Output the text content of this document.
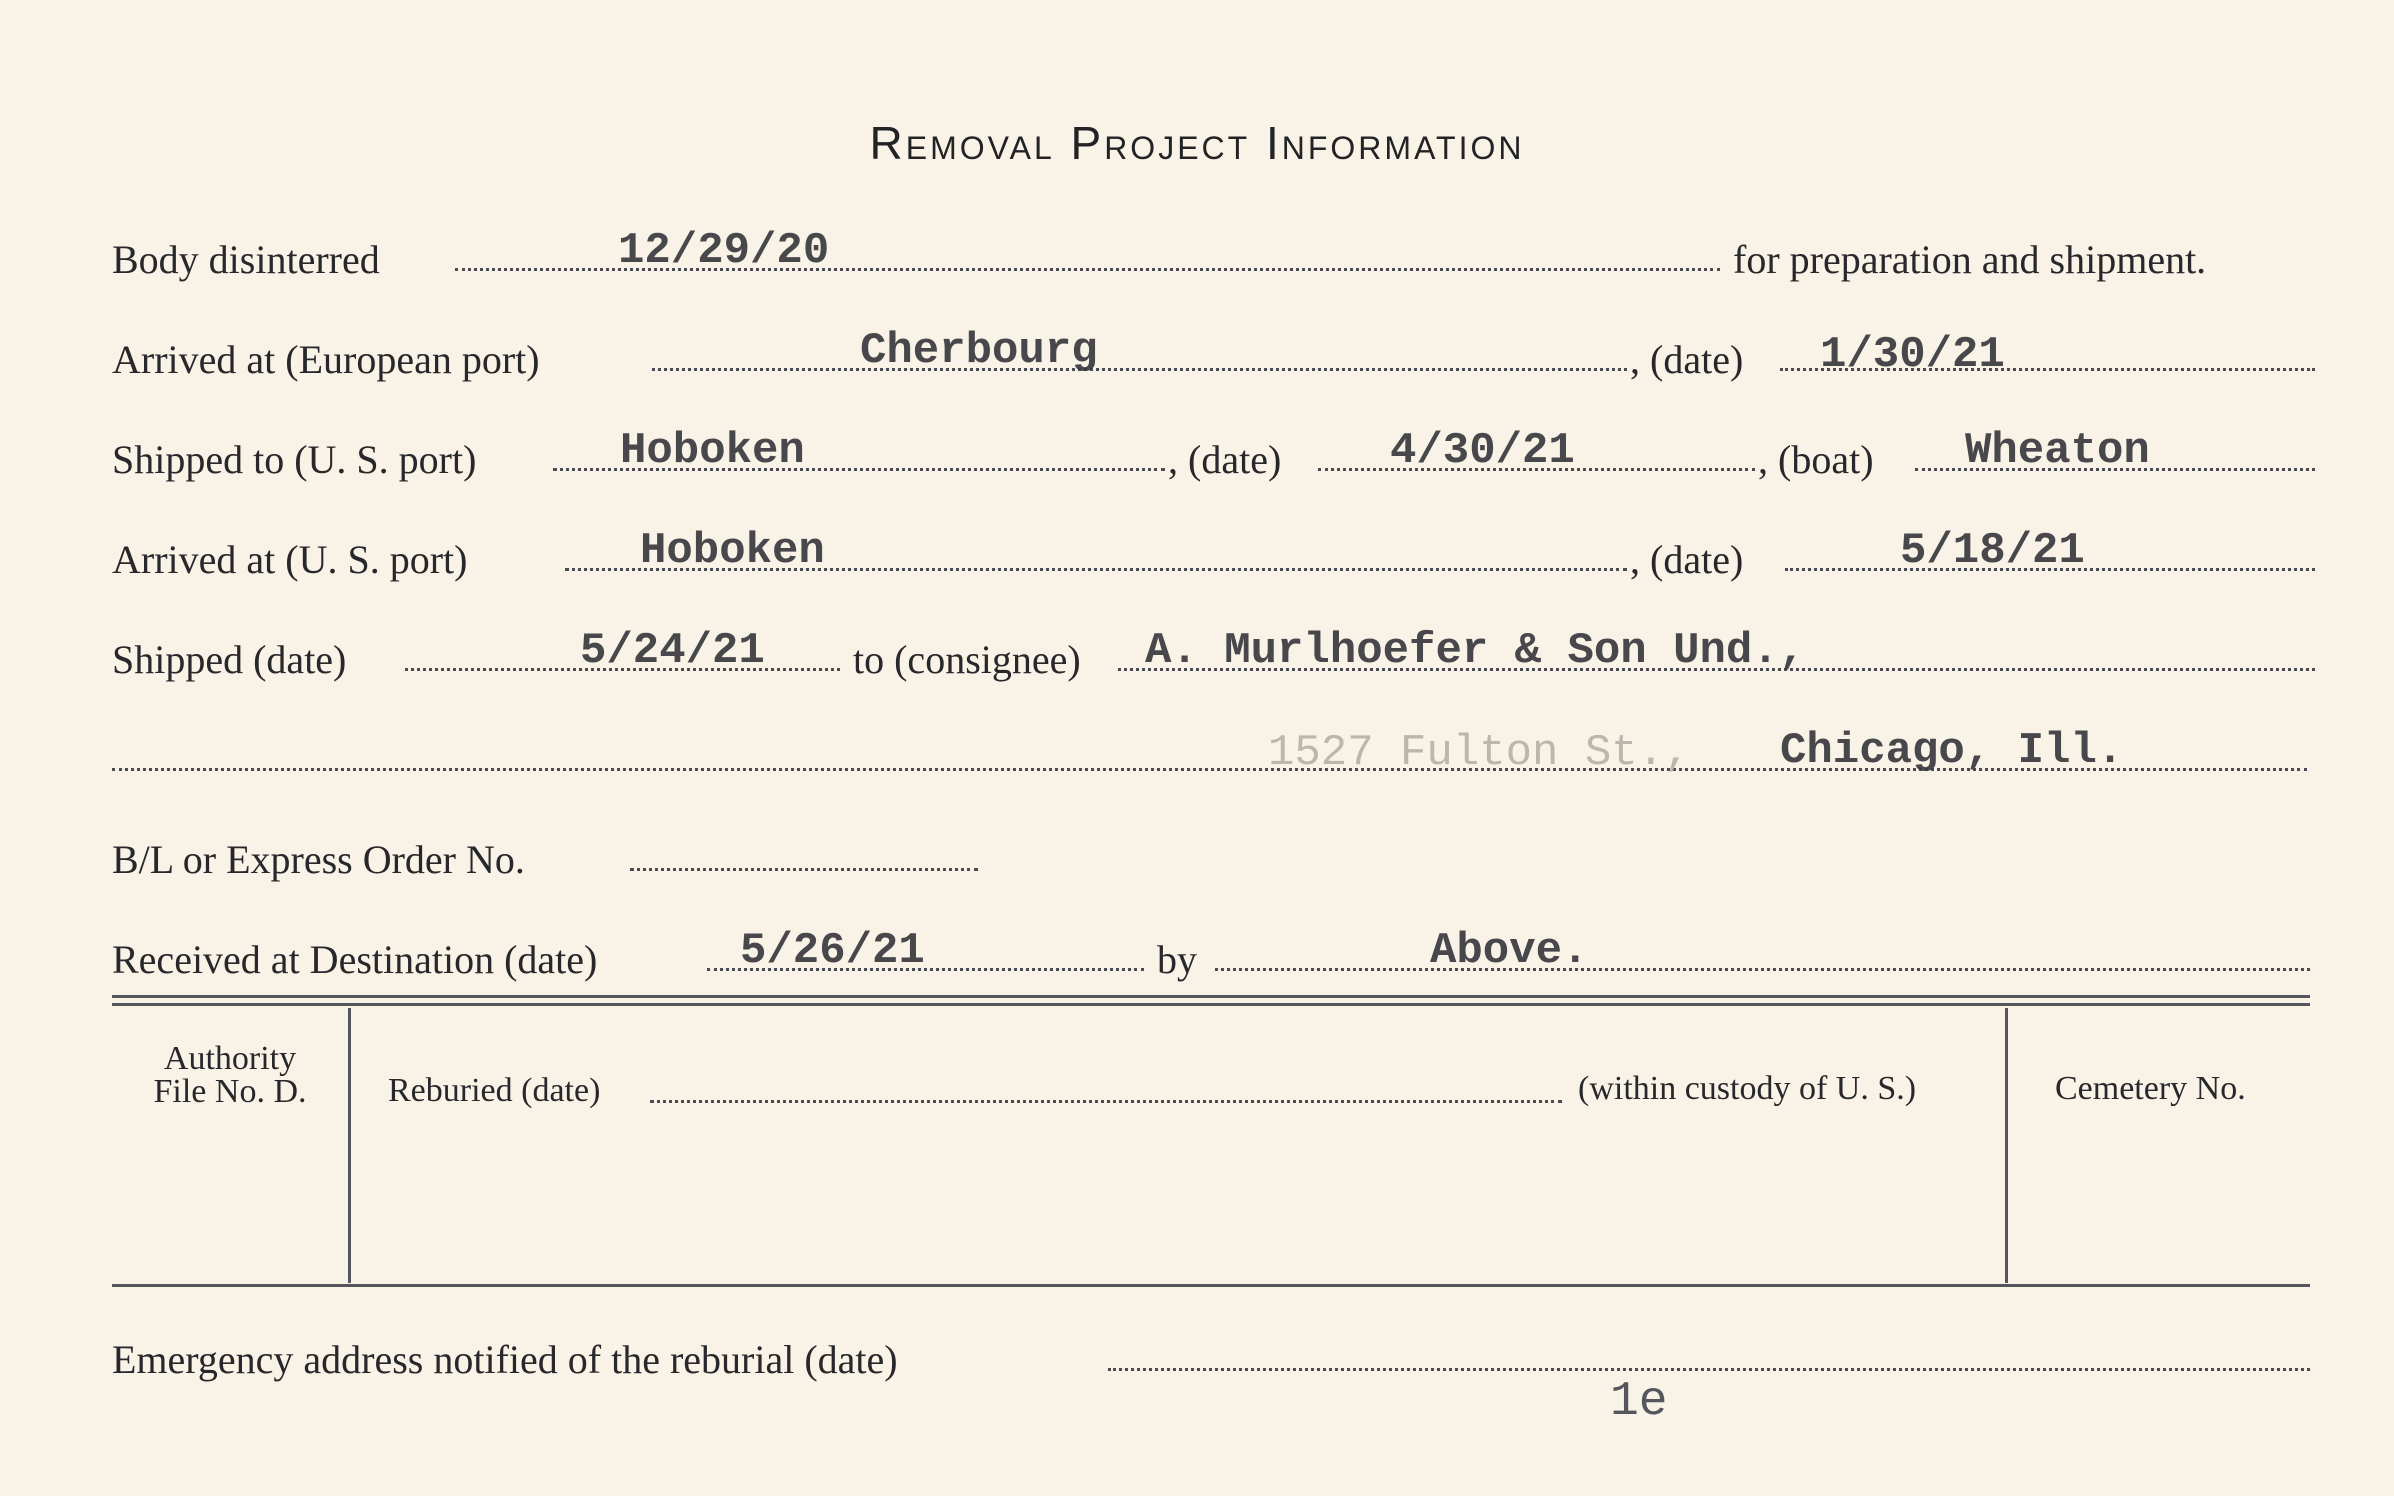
Removal Project Information
Body disinterred	12/29/20	for preparation and shipment.
Arrived at (European port)	Cherbourg	, (date) 1/30/21
Shipped to (U. S. port)	Hoboken	, (date) 4/30/21	, (boat) Wheaton
Arrived at (U. S. port)	Hoboken	, (date)	5/18/21
Shipped (date)	5/24/21 to (consignee) A. Murlhoefer & Son Und.,
1527 Fulton St., Chicago, Ill.
B/L or Express Order No.
Received at Destination (date)	5/26/21	by	Above.
Authority
File No. D.	Reburied (date)	(within custody of U. S.)	Cemetery No.
Emergency address notified of the reburial (date)
1e
